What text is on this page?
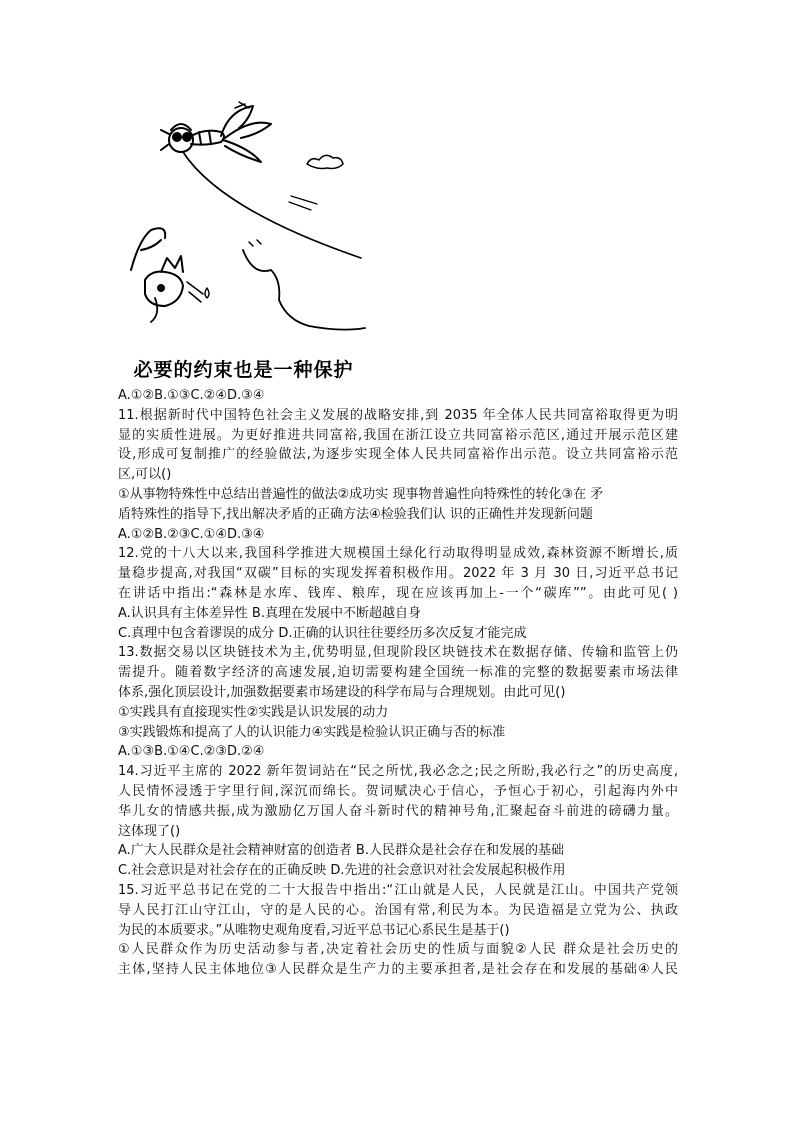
必要的约束也是一种保护
A.①②B.①③C.②④D.③④
11.根据新时代中国特色社会主义发展的战略安排,到 2035 年全体人民共同富裕取得更为明
显的实质性进展。为更好推进共同富裕,我国在浙江设立共同富裕示范区,通过开展示范区建
设,形成可复制推广的经验做法,为逐步实现全体人民共同富裕作出示范。设立共同富裕示范
区,可以()
①从事物特殊性中总结出普遍性的做法②成功实 现事物普遍性向特殊性的转化③在 矛
盾特殊性的指导下,找出解决矛盾的正确方法④检验我们认 识的正确性并发现新问题
A.①②B.②③C.①④D.③④
12.党的十八大以来,我国科学推进大规模国土绿化行动取得明显成效,森林资源不断增长,质
量稳步提高,对我国“双碳”目标的实现发挥着积极作用。2022 年 3 月 30 日,习近平总书记
在讲话中指出:“森林是水库、钱库、粮库，现在应该再加上-一个“碳库””。由此可见( )
A.认识具有主体差异性 B.真理在发展中不断超越自身
C.真理中包含着谬误的成分 D.正确的认识往往要经历多次反复才能完成
13.数据交易以区块链技术为主,优势明显,但现阶段区块链技术在数据存储、传输和监管上仍
需提升。随着数字经济的高速发展,迫切需要构建全国统一标准的完整的数据要素市场法律
体系,强化顶层设计,加强数据要素市场建设的科学布局与合理规划。由此可见()
①实践具有直接现实性②实践是认识发展的动力
③实践锻炼和提高了人的认识能力④实践是检验认识正确与否的标准
A.①③B.①④C.②③D.②④
14.习近平主席的 2022 新年贺词站在“民之所忧,我必念之;民之所盼,我必行之”的历史高度,
人民情怀浸透于字里行间,深沉而绵长。贺词赋决心于信心，予恒心于初心，引起海内外中
华儿女的情感共振,成为激励亿万国人奋斗新时代的精神号角,汇聚起奋斗前进的磅礴力量。
这体现了()
A.广大人民群众是社会精神财富的创造者 B.人民群众是社会存在和发展的基础
C.社会意识是对社会存在的正确反映 D.先进的社会意识对社会发展起积极作用
15.习近平总书记在党的二十大报告中指出:“江山就是人民，人民就是江山。中国共产党领
导人民打江山守江山，守的是人民的心。治国有常,利民为本。为民造福是立党为公、执政
为民的本质要求。”从唯物史观角度看,习近平总书记心系民生是基于()
①人民群众作为历史活动参与者,决定着社会历史的性质与面貌②人民 群众是社会历史的
主体,坚持人民主体地位③人民群众是生产力的主要承担者,是社会存在和发展的基础④人民
